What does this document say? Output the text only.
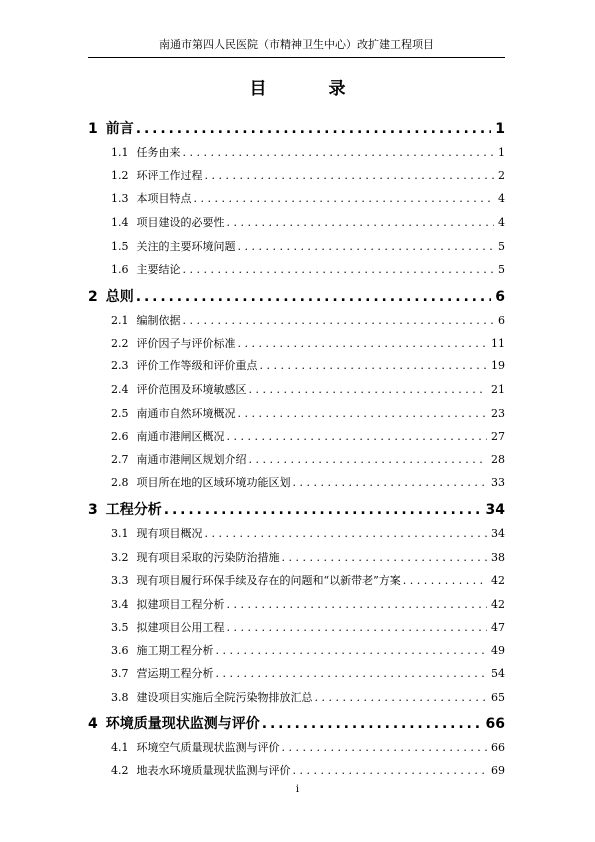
南通市第四人民医院（市精神卫生中心）改扩建工程项目
目 录
1 前言 . . .	1
1.1 任务由来 . . .	1
1.2 环评工作过程 . . .	2
1.3 本项目特点 . . .	4
1.4 项目建设的必要性 . . .	4
1.5 关注的主要环境问题 . . .	5
1.6 主要结论 . . .	5
2 总则 . . .	6
2.1 编制依据 . . .	6
2.2 评价因子与评价标准 . . .	11
2.3 评价工作等级和评价重点 . . .	19
2.4 评价范围及环境敏感区 . . .	21
2.5 南通市自然环境概况 . . .	23
2.6 南通市港闸区概况 . . .	27
2.7 南通市港闸区规划介绍 . . .	28
2.8 项目所在地的区域环境功能区划 . . .	33
3 工程分析 . . .	34
3.1 现有项目概况 . . .	34
3.2 现有项目采取的污染防治措施 . . .	38
3.3 现有项目履行环保手续及存在的问题和“以新带老”方案 . . .	42
3.4 拟建项目工程分析 . . .	42
3.5 拟建项目公用工程 . . .	47
3.6 施工期工程分析 . . .	49
3.7 营运期工程分析 . . .	54
3.8 建设项目实施后全院污染物排放汇总 . . .	65
4 环境质量现状监测与评价 . . .	66
4.1 环境空气质量现状监测与评价 . . .	66
4.2 地表水环境质量现状监测与评价 . . .	69
i
